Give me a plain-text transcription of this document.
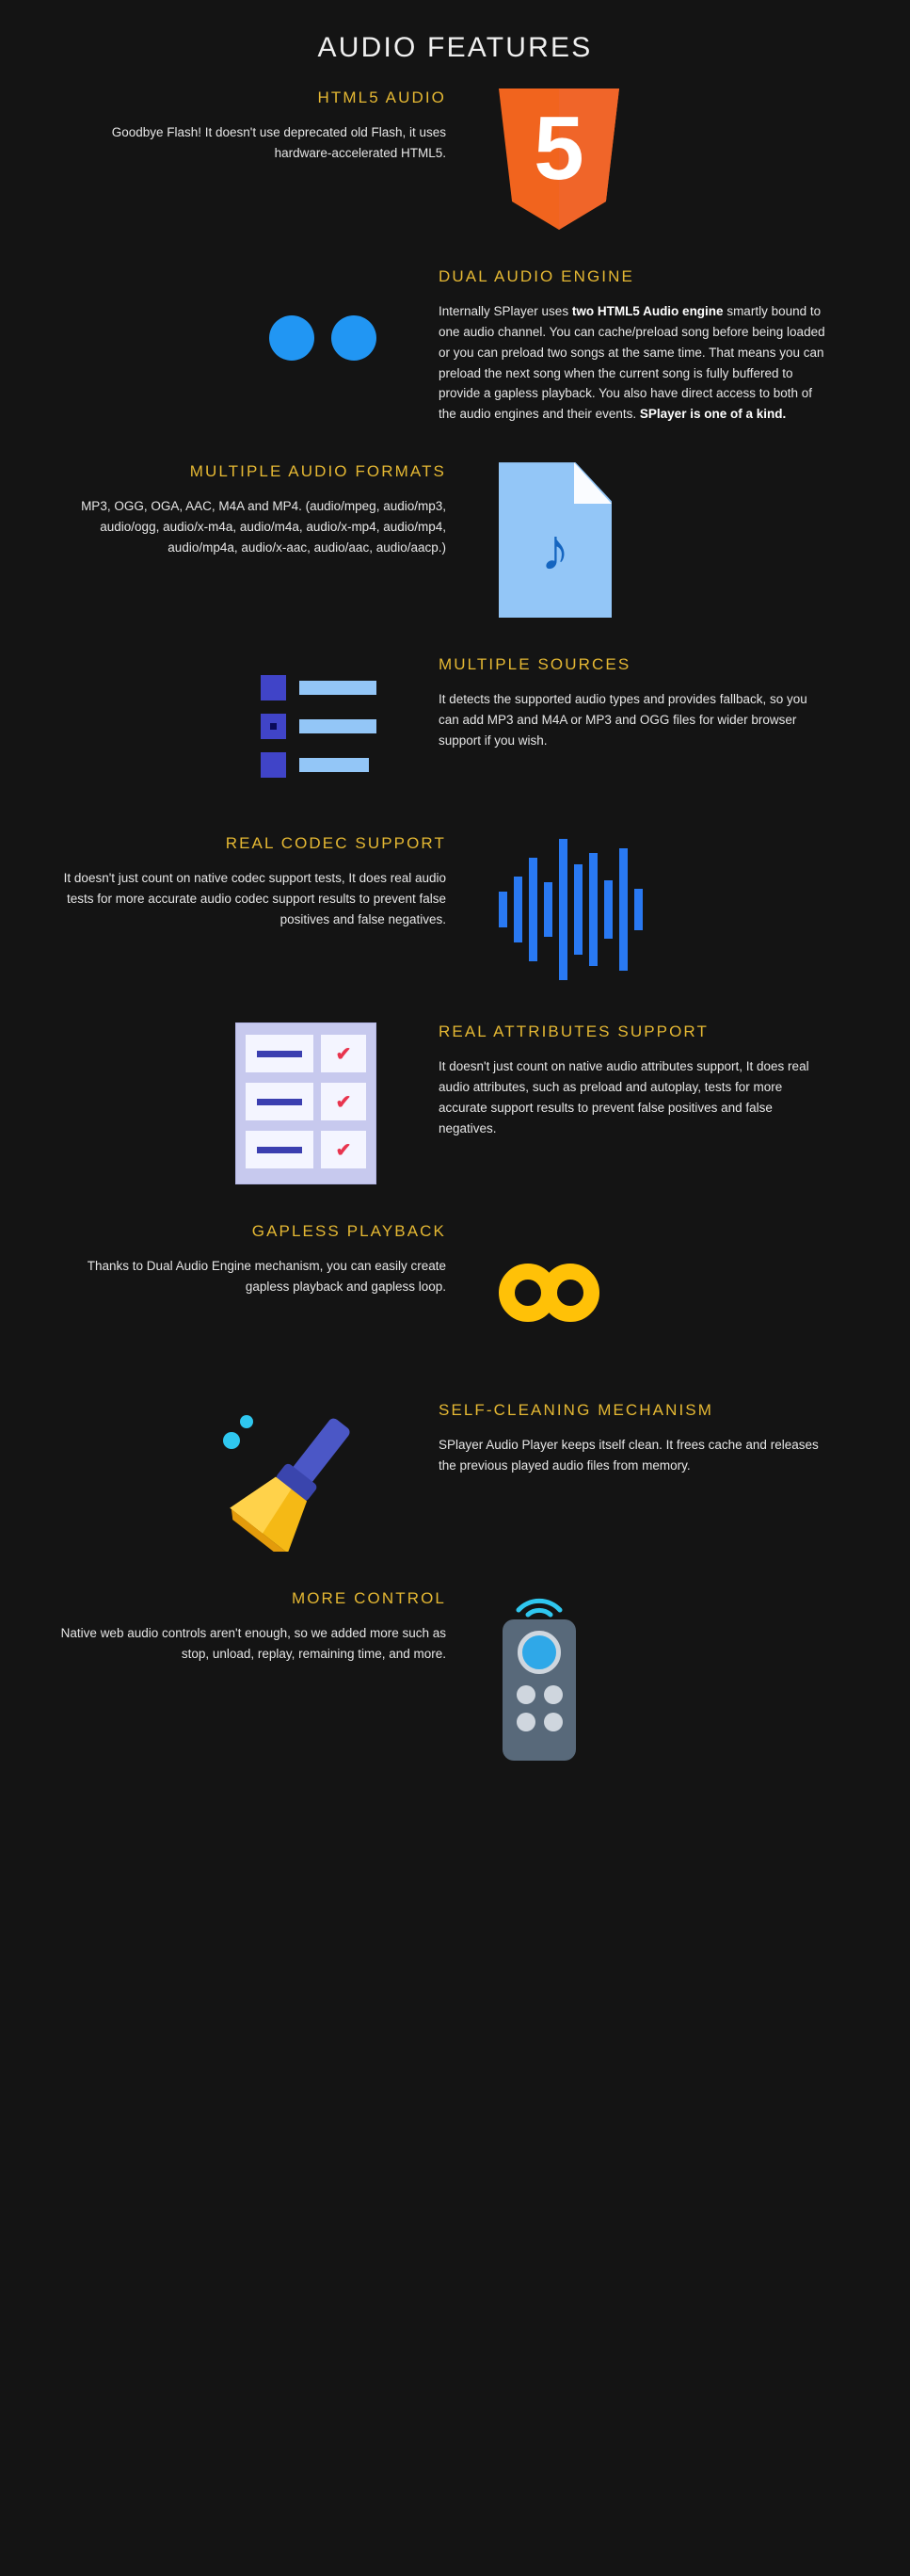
AUDIO FEATURES
HTML5 AUDIO
Goodbye Flash! It doesn't use deprecated old Flash, it uses hardware-accelerated HTML5. 5
DUAL AUDIO ENGINE
Internally SPlayer uses two HTML5 Audio engine smartly bound to one audio channel. You can cache/preload song before being loaded or you can preload two songs at the same time. That means you can preload the next song when the current song is fully buffered to provide a gapless playback. You also have direct access to both of the audio engines and their events. SPlayer is one of a kind.
MULTIPLE AUDIO FORMATS
MP3, OGG, OGA, AAC, M4A and MP4. (audio/mpeg, audio/mp3, audio/ogg, audio/x-m4a, audio/m4a, audio/x-mp4, audio/mp4, audio/mp4a, audio/x-aac, audio/aac, audio/aacp.)	♪
MULTIPLE SOURCES
It detects the supported audio types and provides fallback, so you can add MP3 and M4A or MP3 and OGG files for wider browser support if you wish.
REAL CODEC SUPPORT
It doesn't just count on native codec support tests, It does real audio tests for more accurate audio codec support results to prevent false positives and false negatives.
✔
✔
✔
REAL ATTRIBUTES SUPPORT
It doesn't just count on native audio attributes support, It does real audio attributes, such as preload and autoplay, tests for more accurate support results to prevent false positives and false negatives.
GAPLESS PLAYBACK
Thanks to Dual Audio Engine mechanism, you can easily create gapless playback and gapless loop.
SELF-CLEANING MECHANISM
SPlayer Audio Player keeps itself clean. It frees cache and releases the previous played audio files from memory.
MORE CONTROL
Native web audio controls aren't enough, so we added more such as stop, unload, replay, remaining time, and more.
